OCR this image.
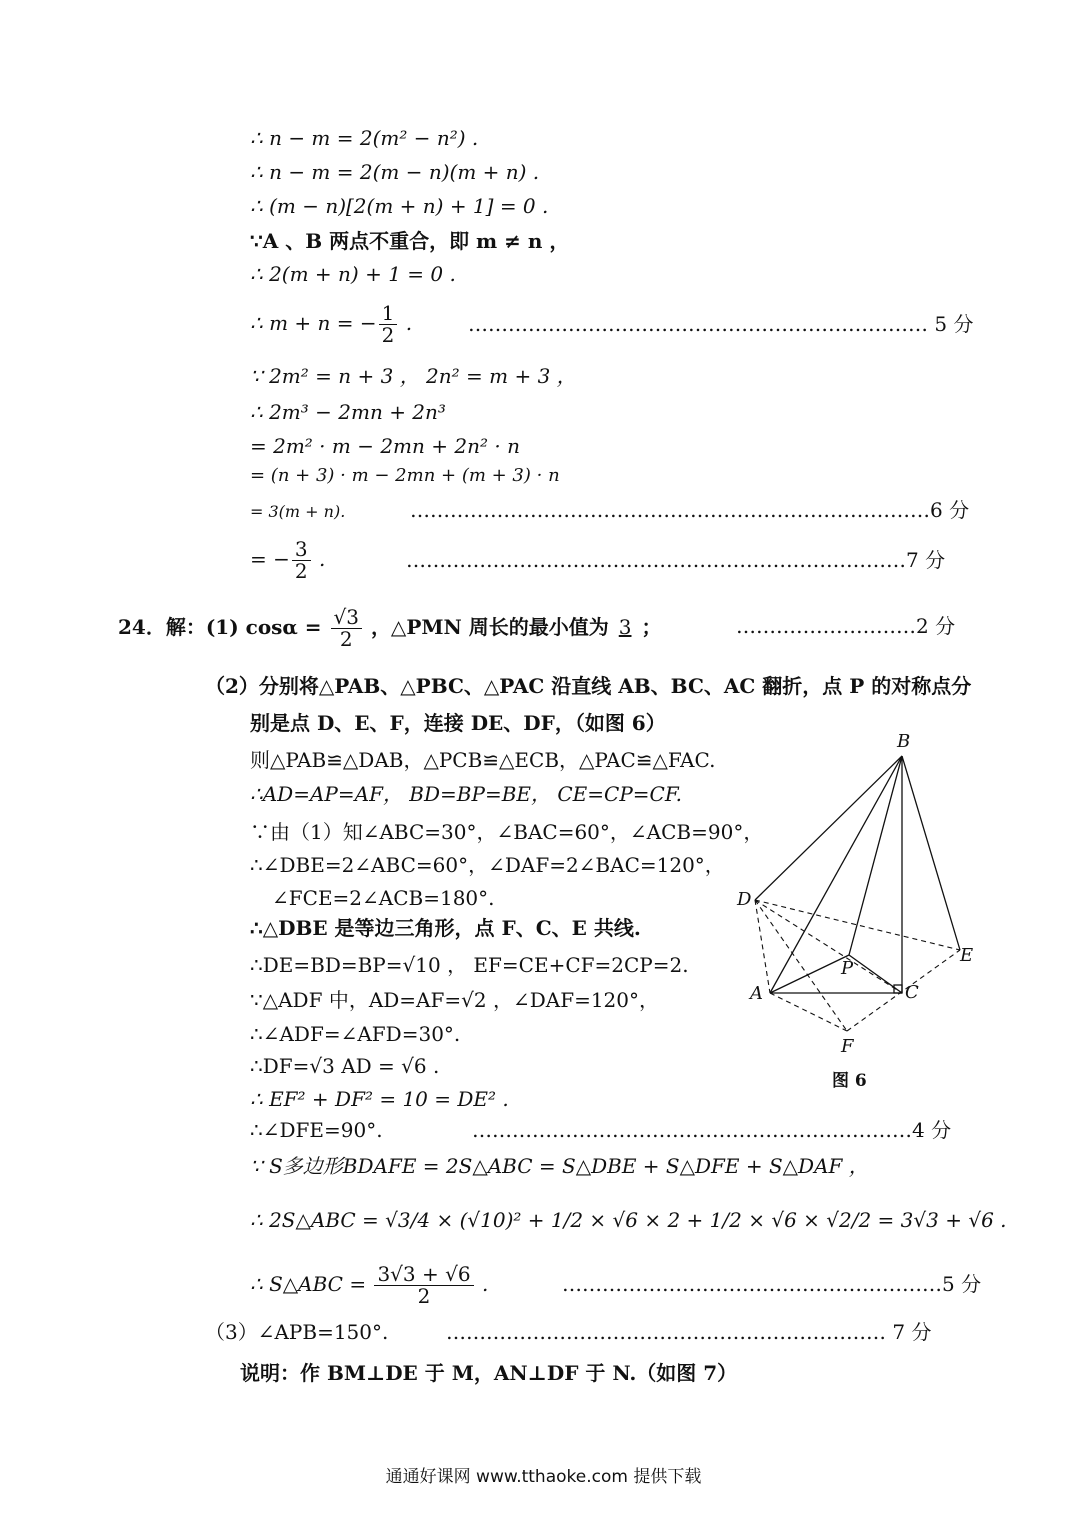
∴ n − m = 2(m² − n²) .
∴ n − m = 2(m − n)(m + n) .
∴ (m − n)[2(m + n) + 1] = 0 .
∵A 、B 两点不重合，即 m ≠ n ，
∴ 2(m + n) + 1 = 0 .
∴ m + n = − $\frac{1}{2}$ .	…………………………………………………………… 5 分
∵ 2m² = n + 3 ， 2n² = m + 3 ，
∴ 2m³ − 2mn + 2n³
= 2m² · m − 2mn + 2n² · n
= (n + 3) · m − 2mn + (m + 3) · n
= 3(m + n).	……………………………………………………………………6 分
= − $\frac{3}{2}$ .	…………………………………………………………………7 分
24．解：(1) $\cos\alpha = \frac{√3}{2}$ ，△PMN 周长的最小值为 3 ；	………………………2 分
（2）分别将△PAB、△PBC、△PAC 沿直线 AB、BC、AC 翻折，点 P 的对称点分
别是点 D、E、F，连接 DE、DF，（如图 6）
则△PAB≌△DAB，△PCB≌△ECB，△PAC≌△FAC.
∴AD=AP=AF， BD=BP=BE， CE=CP=CF.
∵由（1）知∠ABC=30°，∠BAC=60°，∠ACB=90°，
∴∠DBE=2∠ABC=60°，∠DAF=2∠BAC=120°，
∠FCE=2∠ACB=180°.
∴△DBE 是等边三角形，点 F、C、E 共线.
∴DE=BD=BP=√10 ， EF=CE+CF=2CP=2.
∵△ADF 中，AD=AF=√2 ，∠DAF=120°，
∴∠ADF=∠AFD=30°.
∴DF=√3 AD = √6 .
∴ EF² + DF² = 10 = DE² .
∴∠DFE=90°.	…………………………………………………………4 分
∵ S多边形BDAFE = 2S△ABC = S△DBE + S△DFE + S△DAF ，
∴ 2S△ABC = √3/4 × (√10)² + 1/2 × √6 × 2 + 1/2 × √6 × √2/2 = 3√3 + √6 .
∴ S△ABC = $\frac{3√3 + √6}{2}$ .	…………………………………………………5 分
（3）∠APB=150°.	………………………………………………………… 7 分
说明：作 BM⊥DE 于 M，AN⊥DF 于 N.（如图 7）
B
D
E
P
A	C
F
图 6
通通好课网 www.tthaoke.com 提供下载
